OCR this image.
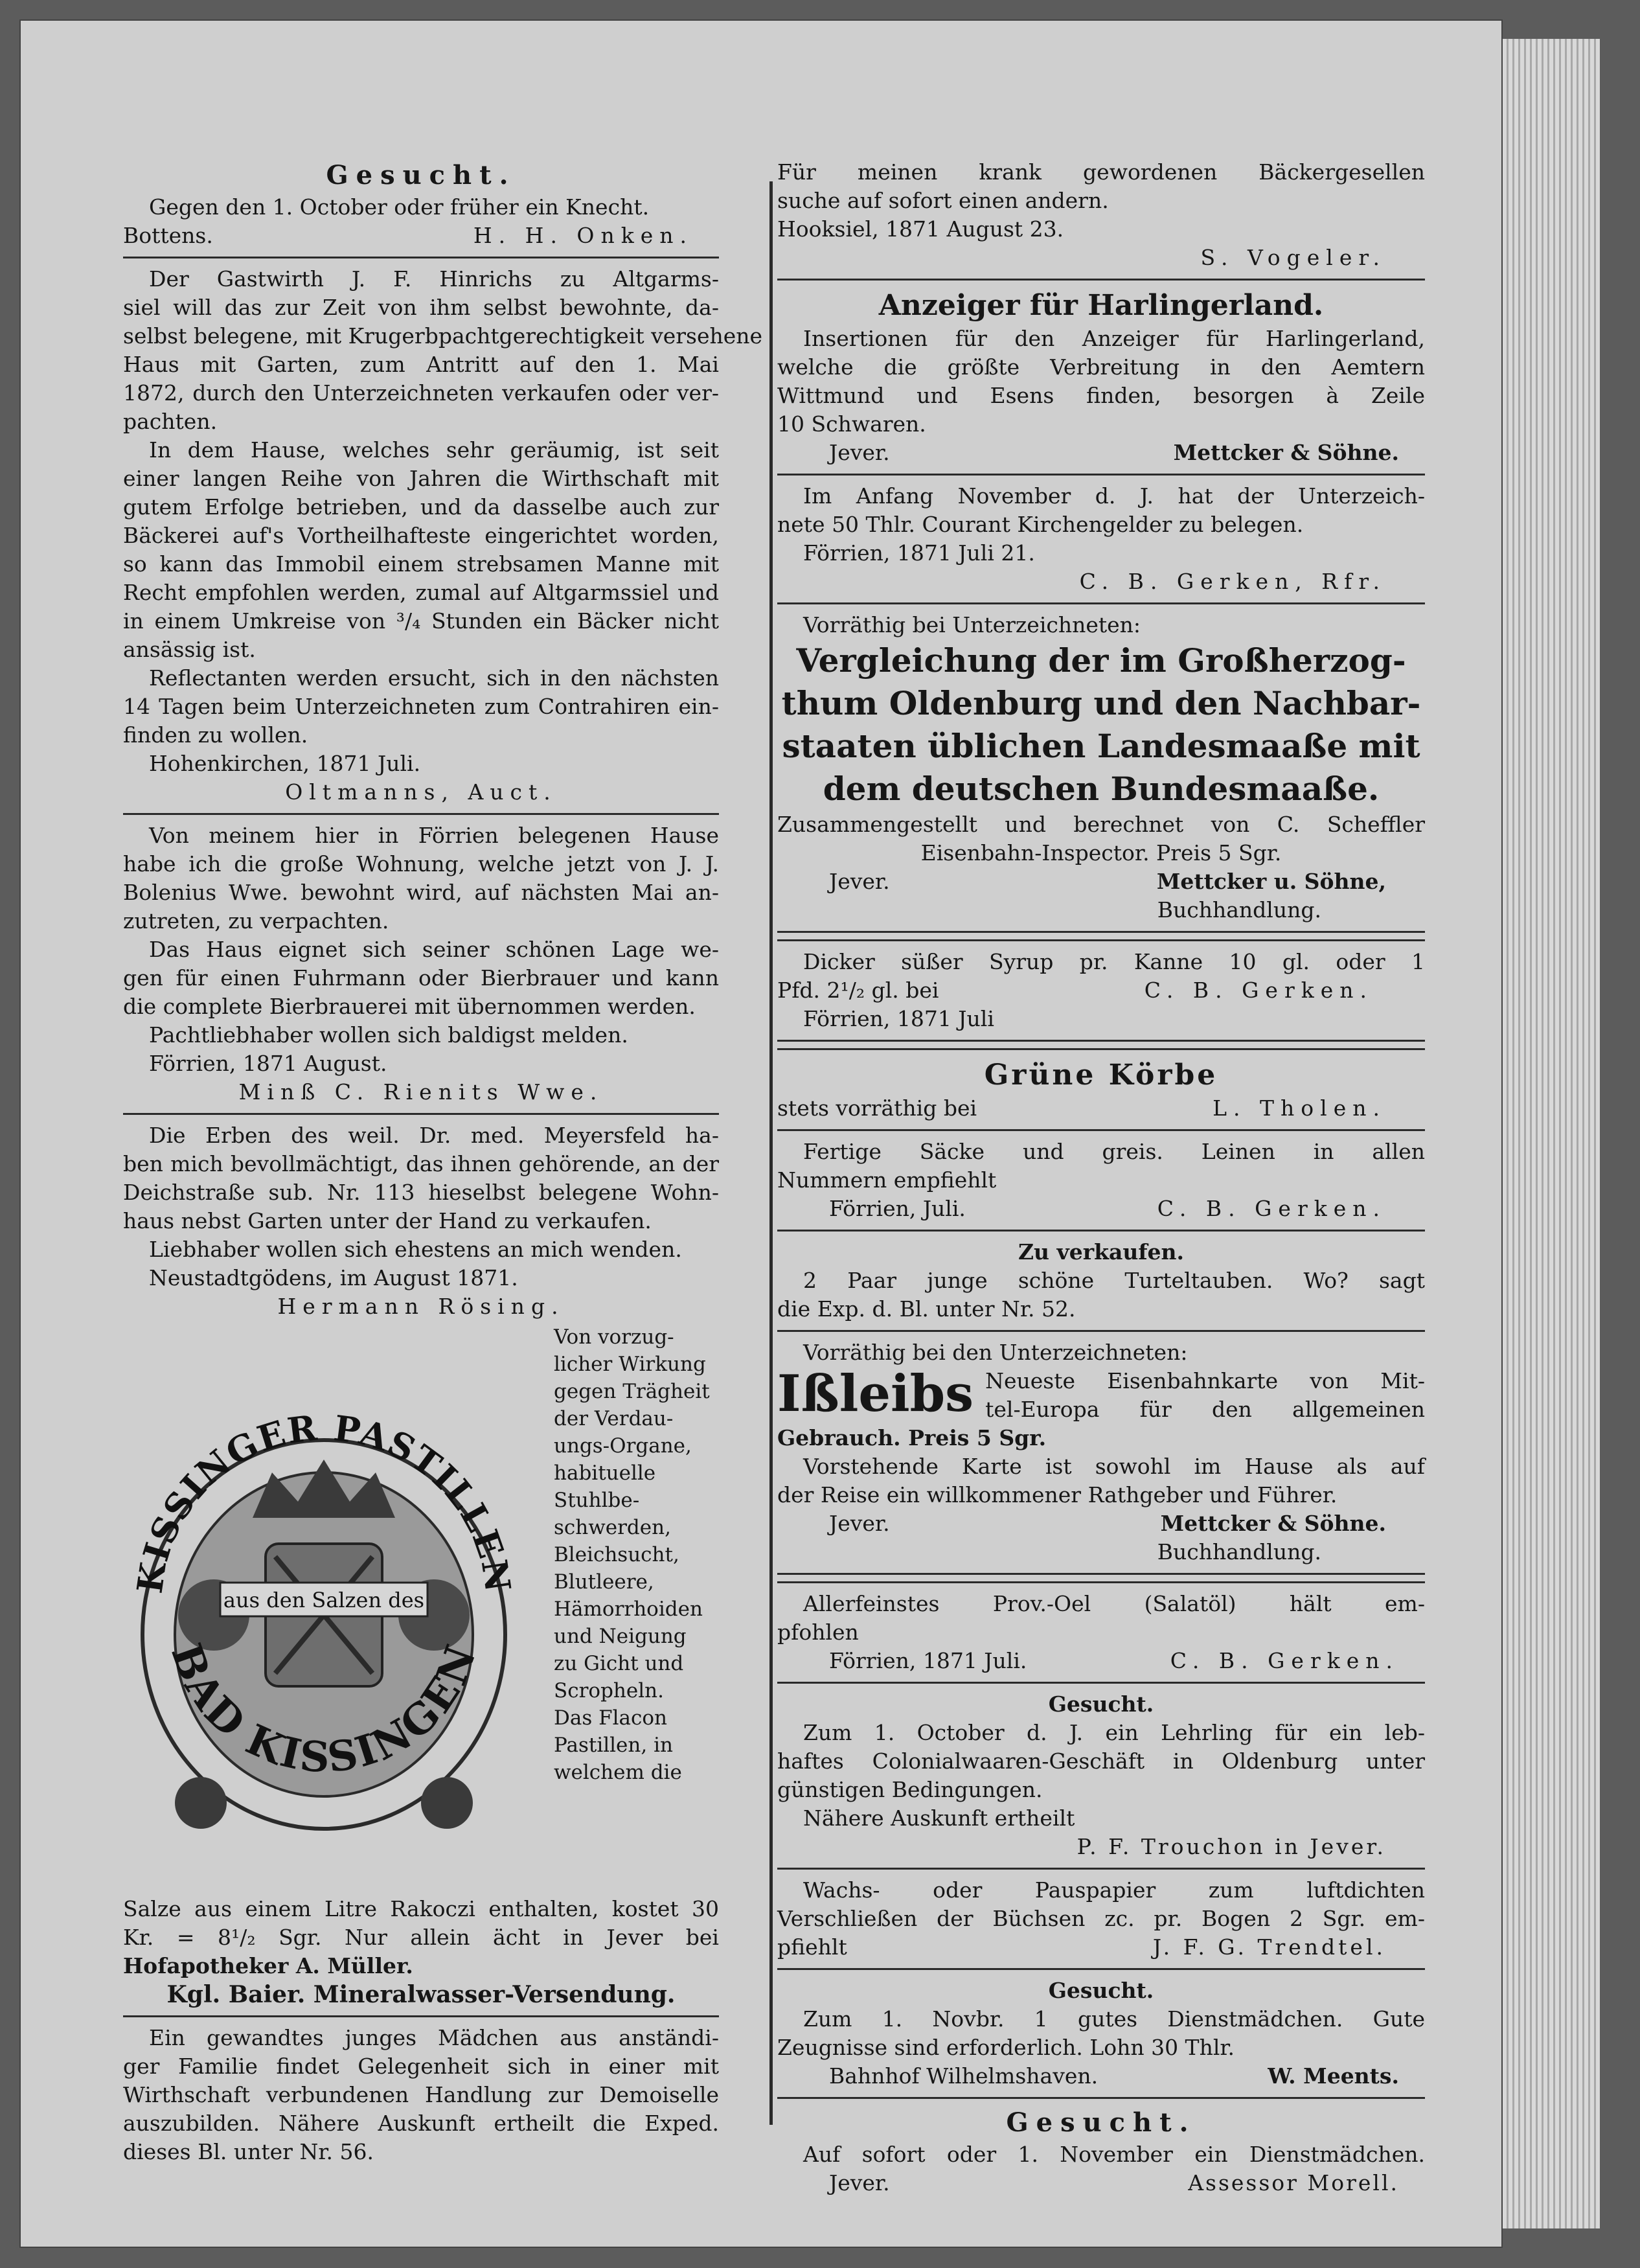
Gesucht.
Gegen den 1. October oder früher ein Knecht.
Bottens.	H. H. Onken.
Der Gastwirth J. F. Hinrichs zu Altgarms-
siel will das zur Zeit von ihm selbst bewohnte, da-
selbst belegene, mit Krugerbpachtgerechtigkeit versehene
Haus mit Garten, zum Antritt auf den 1. Mai
1872, durch den Unterzeichneten verkaufen oder ver-
pachten.
In dem Hause, welches sehr geräumig, ist seit
einer langen Reihe von Jahren die Wirthschaft mit
gutem Erfolge betrieben, und da dasselbe auch zur
Bäckerei auf's Vortheilhafteste eingerichtet worden,
so kann das Immobil einem strebsamen Manne mit
Recht empfohlen werden, zumal auf Altgarmssiel und
in einem Umkreise von ³/₄ Stunden ein Bäcker nicht
ansässig ist.
Reflectanten werden ersucht, sich in den nächsten
14 Tagen beim Unterzeichneten zum Contrahiren ein-
finden zu wollen.
Hohenkirchen, 1871 Juli.
Oltmanns, Auct.
Von meinem hier in Förrien belegenen Hause
habe ich die große Wohnung, welche jetzt von J. J.
Bolenius Wwe. bewohnt wird, auf nächsten Mai an-
zutreten, zu verpachten.
Das Haus eignet sich seiner schönen Lage we-
gen für einen Fuhrmann oder Bierbrauer und kann
die complete Bierbrauerei mit übernommen werden.
Pachtliebhaber wollen sich baldigst melden.
Förrien, 1871 August.
Minß C. Rienits Wwe.
Die Erben des weil. Dr. med. Meyersfeld ha-
ben mich bevollmächtigt, das ihnen gehörende, an der
Deichstraße sub. Nr. 113 hieselbst belegene Wohn-
haus nebst Garten unter der Hand zu verkaufen.
Liebhaber wollen sich ehestens an mich wenden.
Neustadtgödens, im August 1871.
Hermann Rösing.
KISSINGER PASTILLEN
aus den Salzen des
BAD KISSINGEN
Von vorzug-
licher Wirkung
gegen Trägheit
der Verdau-
ungs-Organe,
habituelle
Stuhlbe-
schwerden,
Bleichsucht,
Blutleere,
Hämorrhoiden
und Neigung
zu Gicht und
Scropheln.
Das Flacon
Pastillen, in
welchem die
Salze aus einem Litre Rakoczi enthalten, kostet 30
Kr. = 8¹/₂ Sgr. Nur allein ächt in Jever bei
Hofapotheker A. Müller.
Kgl. Baier. Mineralwasser-Versendung.
Ein gewandtes junges Mädchen aus anständi-
ger Familie findet Gelegenheit sich in einer mit
Wirthschaft verbundenen Handlung zur Demoiselle
auszubilden. Nähere Auskunft ertheilt die Exped.
dieses Bl. unter Nr. 56.
Für meinen krank gewordenen Bäckergesellen
suche auf sofort einen andern.
Hooksiel, 1871 August 23.
S. Vogeler.
Anzeiger für Harlingerland.
Insertionen für den Anzeiger für Harlingerland,
welche die größte Verbreitung in den Aemtern
Wittmund und Esens finden, besorgen à Zeile
10 Schwaren.
Jever.	Mettcker & Söhne.
Im Anfang November d. J. hat der Unterzeich-
nete 50 Thlr. Courant Kirchengelder zu belegen.
Förrien, 1871 Juli 21.
C. B. Gerken, Rfr.
Vorräthig bei Unterzeichneten:
Vergleichung der im Großherzog-
thum Oldenburg und den Nachbar-
staaten üblichen Landesmaaße mit
dem deutschen Bundesmaaße.
Zusammengestellt und berechnet von C. Scheffler
Eisenbahn-Inspector. Preis 5 Sgr.
Jever.	Mettcker u. Söhne,
Buchhandlung.
Dicker süßer Syrup pr. Kanne 10 gl. oder 1
Pfd. 2¹/₂ gl. bei	C. B. Gerken.
Förrien, 1871 Juli
Grüne Körbe
stets vorräthig bei	L. Tholen.
Fertige Säcke und greis. Leinen in allen
Nummern empfiehlt
Förrien, Juli.	C. B. Gerken.
Zu verkaufen.
2 Paar junge schöne Turteltauben. Wo? sagt
die Exp. d. Bl. unter Nr. 52.
Vorräthig bei den Unterzeichneten:
Ißleibs Neueste Eisenbahnkarte von Mit-
tel-Europa für den allgemeinen
Gebrauch. Preis 5 Sgr.
Vorstehende Karte ist sowohl im Hause als auf
der Reise ein willkommener Rathgeber und Führer.
Jever.	Mettcker & Söhne.
Buchhandlung.
Allerfeinstes Prov.-Oel (Salatöl) hält em-
pfohlen
Förrien, 1871 Juli.	C. B. Gerken.
Gesucht.
Zum 1. October d. J. ein Lehrling für ein leb-
haftes Colonialwaaren-Geschäft in Oldenburg unter
günstigen Bedingungen.
Nähere Auskunft ertheilt
P. F. Trouchon in Jever.
Wachs- oder Pauspapier zum luftdichten
Verschließen der Büchsen zc. pr. Bogen 2 Sgr. em-
pfiehlt	J. F. G. Trendtel.
Gesucht.
Zum 1. Novbr. 1 gutes Dienstmädchen. Gute
Zeugnisse sind erforderlich. Lohn 30 Thlr.
Bahnhof Wilhelmshaven.	W. Meents.
Gesucht.
Auf sofort oder 1. November ein Dienstmädchen.
Jever.	Assessor Morell.
